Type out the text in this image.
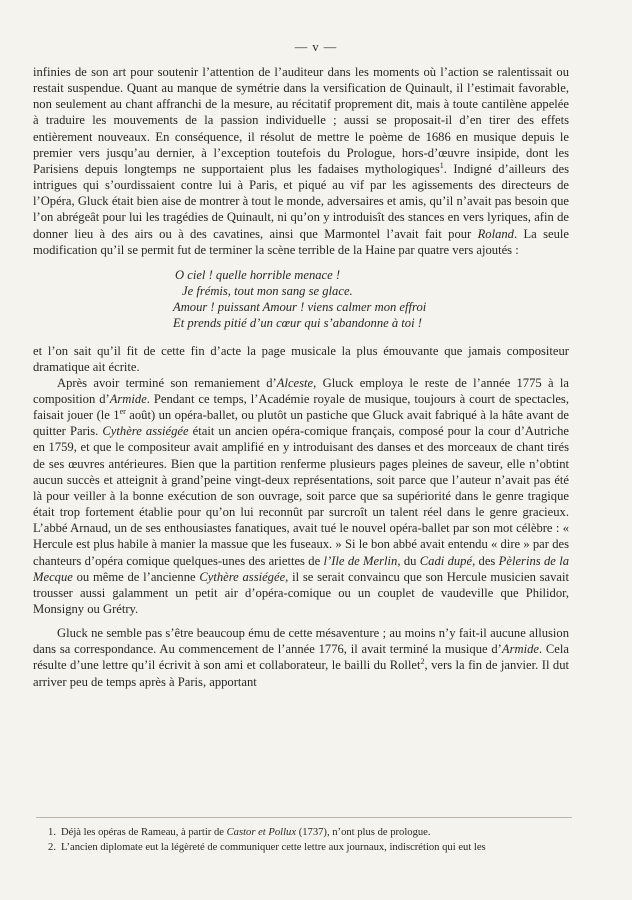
— v —

infinies de son art pour soutenir l’attention de l’auditeur dans les moments où l’action se ralentissait ou restait suspendue. Quant au manque de symétrie dans la versification de Quinault, il l’estimait favorable, non seulement au chant affranchi de la mesure, au récitatif proprement dit, mais à toute cantilène appelée à traduire les mouvements de la passion individuelle ; aussi se proposait-il d’en tirer des effets entièrement nouveaux. En conséquence, il résolut de mettre le poème de 1686 en musique depuis le premier vers jusqu’au dernier, à l’exception toutefois du Prologue, hors-d’œuvre insipide, dont les Parisiens depuis longtemps ne supportaient plus les fadaises mythologiques$^1$. Indigné d’ailleurs des intrigues qui s’ourdissaient contre lui à Paris, et piqué au vif par les agissements des directeurs de l’Opéra, Gluck était bien aise de montrer à tout le monde, adversaires et amis, qu’il n’avait pas besoin que l’on abrégeât pour lui les tragédies de Quinault, ni qu’on y introduisît des stances en vers lyriques, afin de donner lieu à des airs ou à des cavatines, ainsi que Marmontel l’avait fait pour Roland. La seule modification qu’il se permit fut de terminer la scène terrible de la Haine par quatre vers ajoutés :

O ciel ! quelle horrible menace !
Je frémis, tout mon sang se glace.
Amour ! puissant Amour ! viens calmer mon effroi
Et prends pitié d’un cœur qui s’abandonne à toi !

et l’on sait qu’il fit de cette fin d’acte la page musicale la plus émouvante que jamais compositeur dramatique ait écrite.

Après avoir terminé son remaniement d’Alceste, Gluck employa le reste de l’année 1775 à la composition d’Armide. Pendant ce temps, l’Académie royale de musique, toujours à court de spectacles, faisait jouer (le 1er août) un opéra-ballet, ou plutôt un pastiche que Gluck avait fabriqué à la hâte avant de quitter Paris. Cythère assiégée était un ancien opéra-comique français, composé pour la cour d’Autriche en 1759, et que le compositeur avait amplifié en y introduisant des danses et des morceaux de chant tirés de ses œuvres antérieures. Bien que la partition renferme plusieurs pages pleines de saveur, elle n’obtint aucun succès et atteignit à grand’peine vingt-deux représentations, soit parce que l’auteur n’avait pas été là pour veiller à la bonne exécution de son ouvrage, soit parce que sa supériorité dans le genre tragique était trop fortement établie pour qu’on lui reconnût par surcroît un talent réel dans le genre gracieux. L’abbé Arnaud, un de ses enthousiastes fanatiques, avait tué le nouvel opéra-ballet par son mot célèbre : « Hercule est plus habile à manier la massue que les fuseaux. » Si le bon abbé avait entendu « dire » par des chanteurs d’opéra comique quelques-unes des ariettes de l’Ile de Merlin, du Cadi dupé, des Pèlerins de la Mecque ou même de l’ancienne Cythère assiégée, il se serait convaincu que son Hercule musicien savait trousser aussi galamment un petit air d’opéra-comique ou un couplet de vaudeville que Philidor, Monsigny ou Grétry.

Gluck ne semble pas s’être beaucoup ému de cette mésaventure ; au moins n’y fait-il aucune allusion dans sa correspondance. Au commencement de l’année 1776, il avait terminé la musique d’Armide. Cela résulte d’une lettre qu’il écrivit à son ami et collaborateur, le bailli du Rollet$^2$, vers la fin de janvier. Il dut arriver peu de temps après à Paris, apportant

1. Déjà les opéras de Rameau, à partir de Castor et Pollux (1737), n’ont plus de prologue.
2. L’ancien diplomate eut la légèreté de communiquer cette lettre aux journaux, indiscrétion qui eut les
